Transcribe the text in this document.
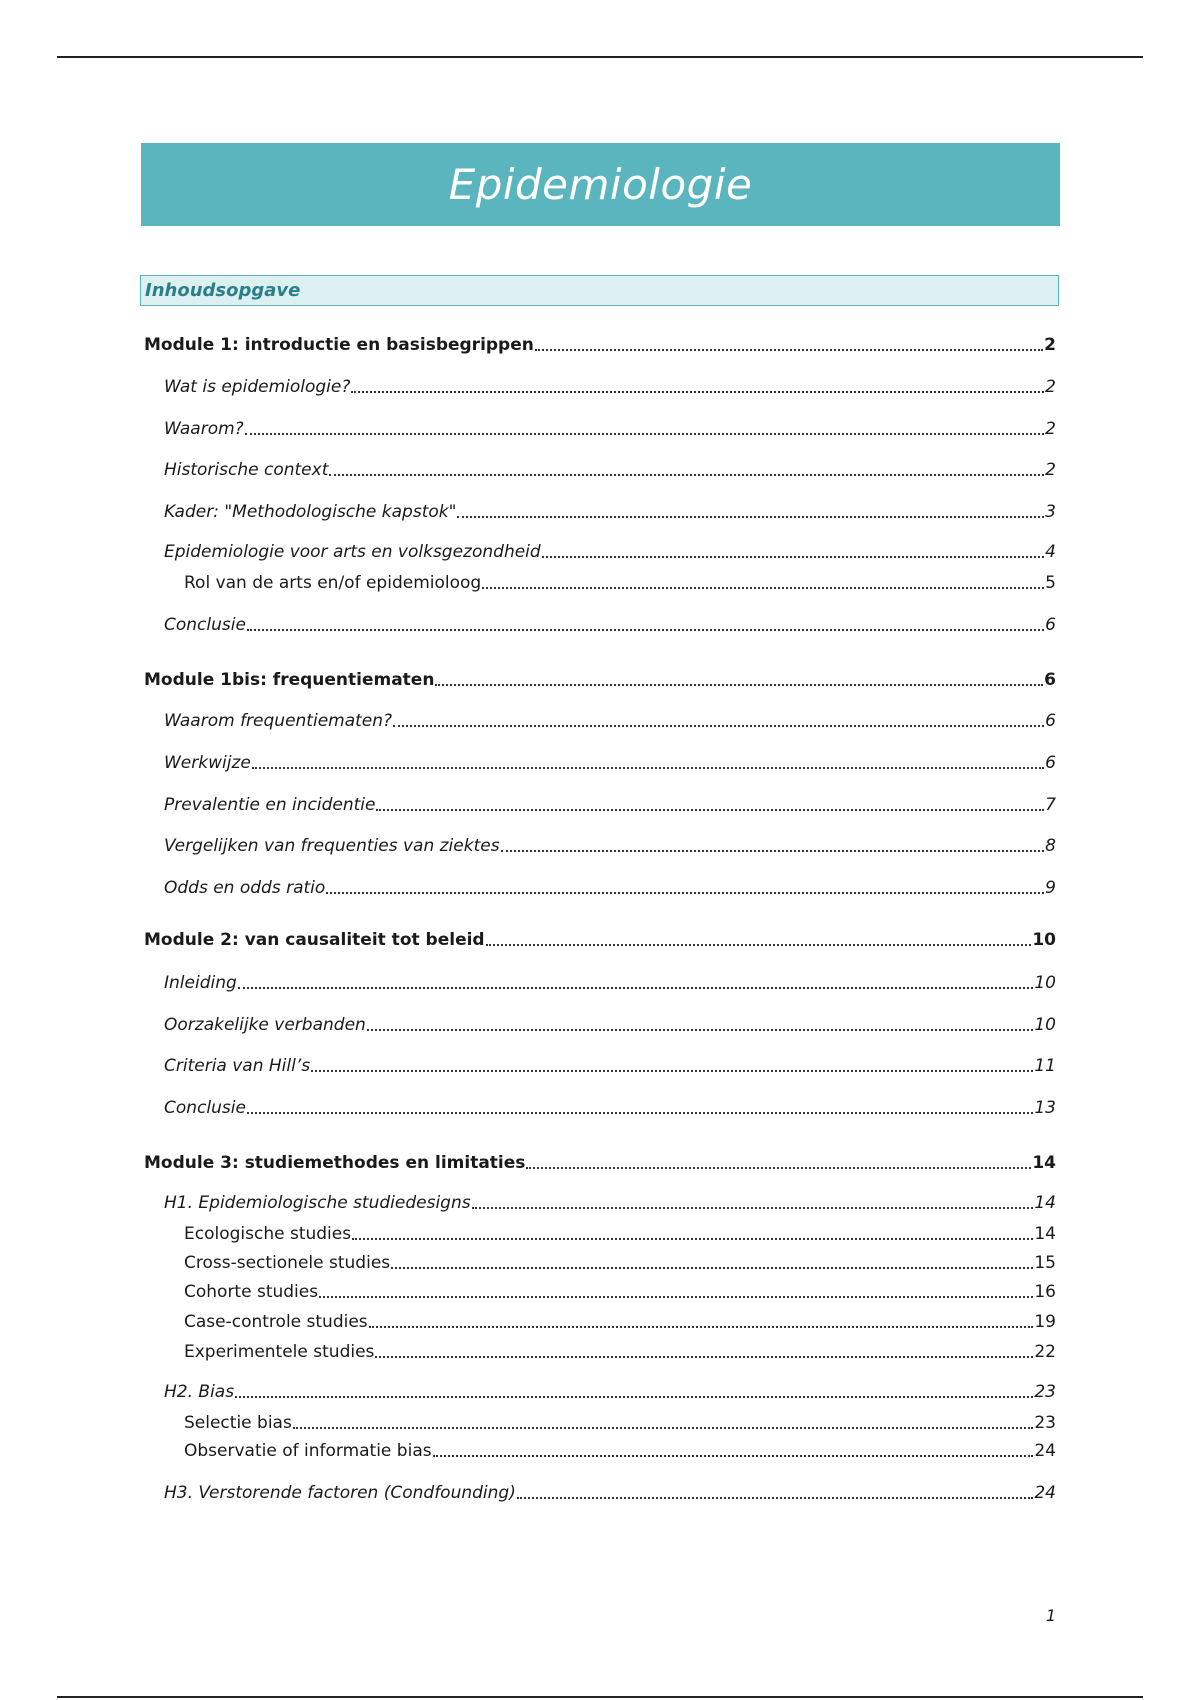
Epidemiologie
Inhoudsopgave
Module 1: introductie en basisbegrippen	2
Wat is epidemiologie?	2
Waarom?	2
Historische context	2
Kader: "Methodologische kapstok"	3
Epidemiologie voor arts en volksgezondheid	4
Rol van de arts en/of epidemioloog	5
Conclusie	6
Module 1bis: frequentiematen	6
Waarom frequentiematen?	6
Werkwijze	6
Prevalentie en incidentie	7
Vergelijken van frequenties van ziektes	8
Odds en odds ratio	9
Module 2: van causaliteit tot beleid	10
Inleiding	10
Oorzakelijke verbanden	10
Criteria van Hill’s	11
Conclusie	13
Module 3: studiemethodes en limitaties	14
H1. Epidemiologische studiedesigns	14
Ecologische studies	14
Cross-sectionele studies	15
Cohorte studies	16
Case-controle studies	19
Experimentele studies	22
H2. Bias	23
Selectie bias	23
Observatie of informatie bias	24
H3. Verstorende factoren (Condfounding)	24
1
